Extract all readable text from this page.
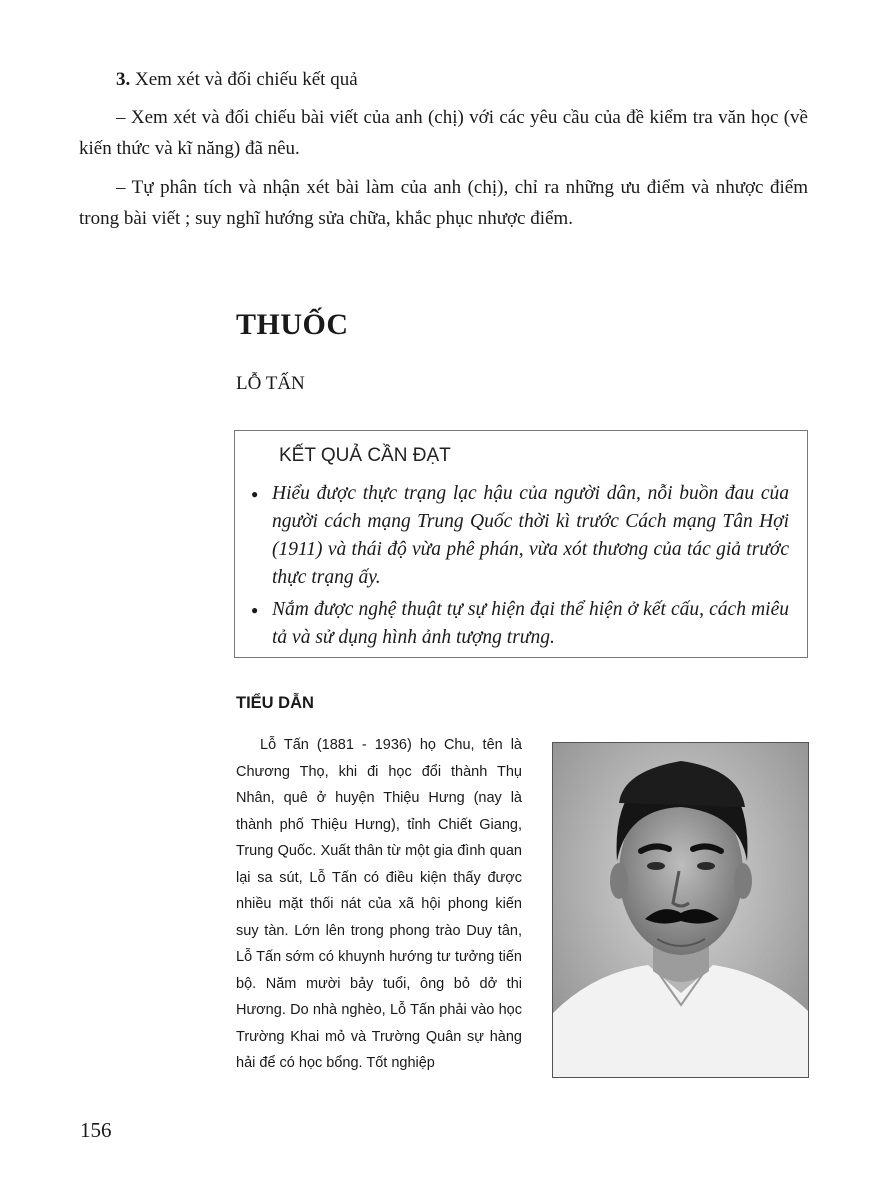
3. Xem xét và đối chiếu kết quả
– Xem xét và đối chiếu bài viết của anh (chị) với các yêu cầu của đề kiểm tra văn học (về kiến thức và kĩ năng) đã nêu.
– Tự phân tích và nhận xét bài làm của anh (chị), chỉ ra những ưu điểm và nhược điểm trong bài viết ; suy nghĩ hướng sửa chữa, khắc phục nhược điểm.
THUỐC
LỖ TẤN
KẾT QUẢ CẦN ĐẠT
● Hiểu được thực trạng lạc hậu của người dân, nỗi buồn đau của người cách mạng Trung Quốc thời kì trước Cách mạng Tân Hợi (1911) và thái độ vừa phê phán, vừa xót thương của tác giả trước thực trạng ấy.
● Nắm được nghệ thuật tự sự hiện đại thể hiện ở kết cấu, cách miêu tả và sử dụng hình ảnh tượng trưng.
TIỂU DẪN
Lỗ Tấn (1881 - 1936) họ Chu, tên là Chương Thọ, khi đi học đổi thành Thụ Nhân, quê ở huyện Thiệu Hưng (nay là thành phố Thiệu Hưng), tỉnh Chiết Giang, Trung Quốc. Xuất thân từ một gia đình quan lại sa sút, Lỗ Tấn có điều kiện thấy được nhiều mặt thối nát của xã hội phong kiến suy tàn. Lớn lên trong phong trào Duy tân, Lỗ Tấn sớm có khuynh hướng tư tưởng tiến bộ. Năm mười bảy tuổi, ông bỏ dở thi Hương. Do nhà nghèo, Lỗ Tấn phải vào học Trường Khai mỏ và Trường Quân sự hàng hải để có học bổng. Tốt nghiệp
156
